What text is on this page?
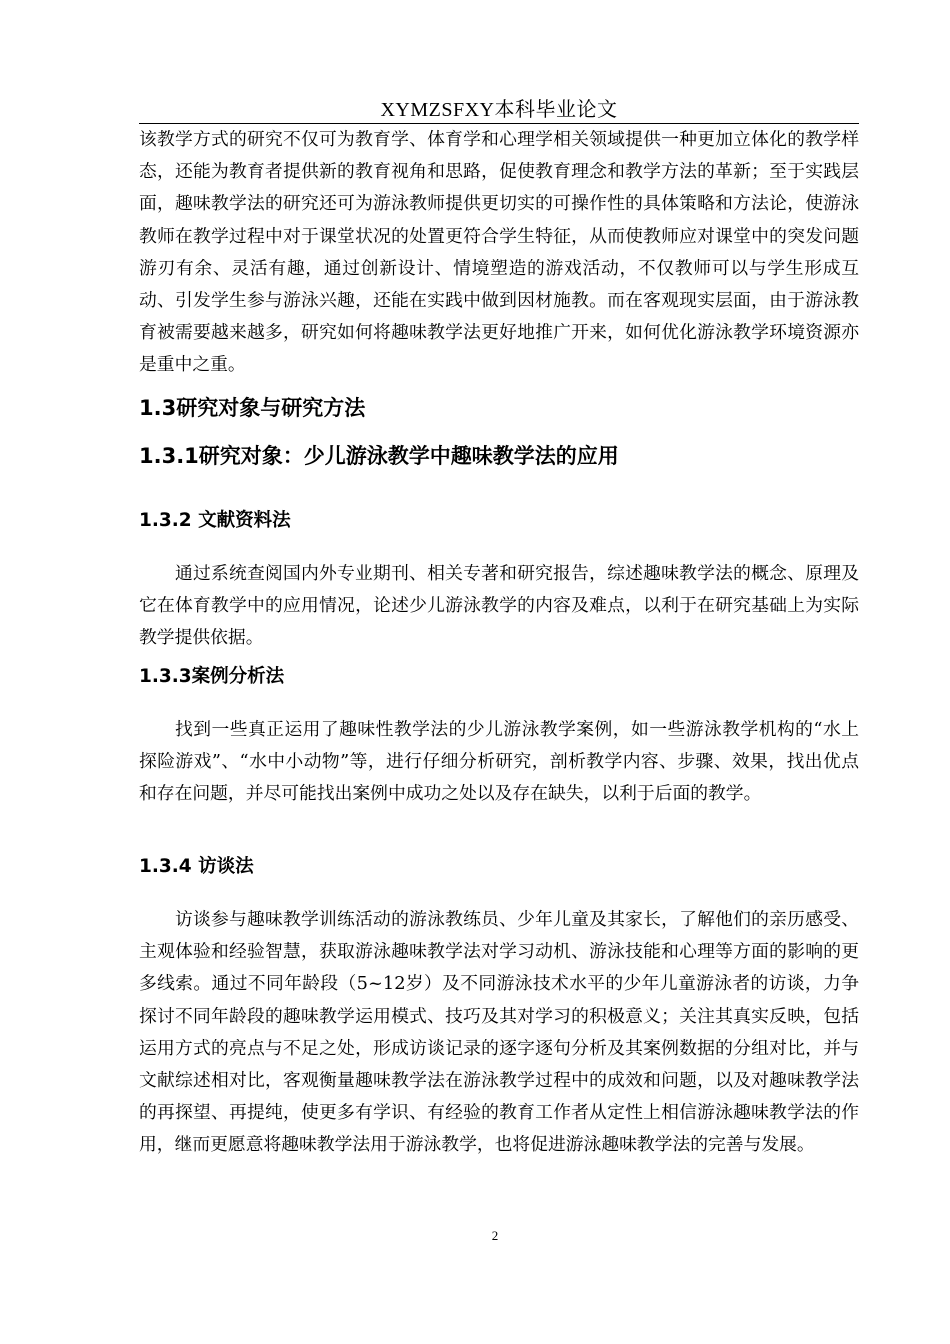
XYMZSFXY本科毕业论文

该教学方式的研究不仅可为教育学、体育学和心理学相关领域提供一种更加立体化的教学样态，还能为教育者提供新的教育视角和思路，促使教育理念和教学方法的革新；至于实践层面，趣味教学法的研究还可为游泳教师提供更切实的可操作性的具体策略和方法论，使游泳教师在教学过程中对于课堂状况的处置更符合学生特征，从而使教师应对课堂中的突发问题游刃有余、灵活有趣，通过创新设计、情境塑造的游戏活动，不仅教师可以与学生形成互动、引发学生参与游泳兴趣，还能在实践中做到因材施教。而在客观现实层面，由于游泳教育被需要越来越多，研究如何将趣味教学法更好地推广开来，如何优化游泳教学环境资源亦是重中之重。

1.3研究对象与研究方法
1.3.1研究对象：少儿游泳教学中趣味教学法的应用
1.3.2 文献资料法

通过系统查阅国内外专业期刊、相关专著和研究报告，综述趣味教学法的概念、原理及它在体育教学中的应用情况，论述少儿游泳教学的内容及难点，以利于在研究基础上为实际教学提供依据。

1.3.3案例分析法

找到一些真正运用了趣味性教学法的少儿游泳教学案例，如一些游泳教学机构的“水上探险游戏”、“水中小动物”等，进行仔细分析研究，剖析教学内容、步骤、效果，找出优点和存在问题，并尽可能找出案例中成功之处以及存在缺失，以利于后面的教学。

1.3.4 访谈法

访谈参与趣味教学训练活动的游泳教练员、少年儿童及其家长，了解他们的亲历感受、主观体验和经验智慧，获取游泳趣味教学法对学习动机、游泳技能和心理等方面的影响的更多线索。通过不同年龄段（5~12岁）及不同游泳技术水平的少年儿童游泳者的访谈，力争探讨不同年龄段的趣味教学运用模式、技巧及其对学习的积极意义；关注其真实反映，包括运用方式的亮点与不足之处，形成访谈记录的逐字逐句分析及其案例数据的分组对比，并与文献综述相对比，客观衡量趣味教学法在游泳教学过程中的成效和问题，以及对趣味教学法的再探望、再提纯，使更多有学识、有经验的教育工作者从定性上相信游泳趣味教学法的作用，继而更愿意将趣味教学法用于游泳教学，也将促进游泳趣味教学法的完善与发展。

2
